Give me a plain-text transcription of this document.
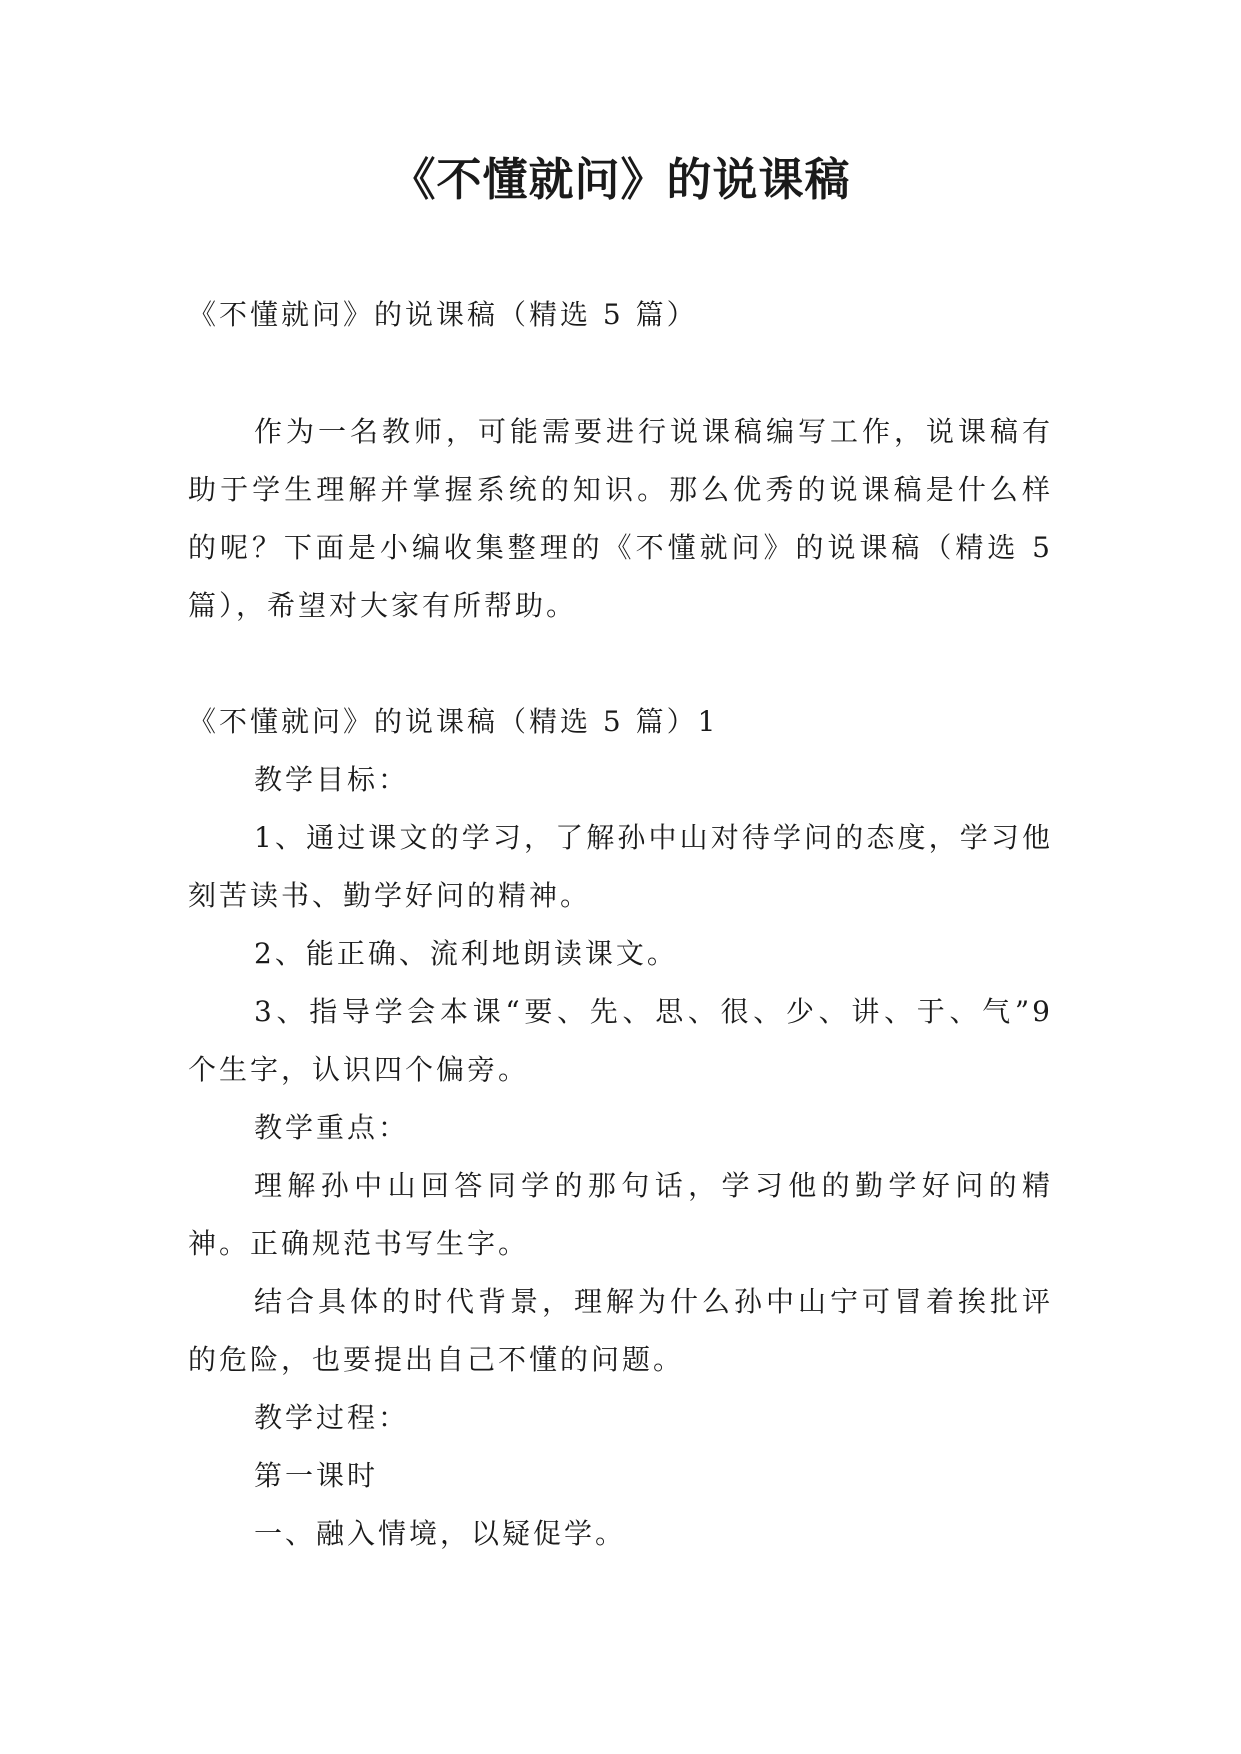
《不懂就问》的说课稿

《不懂就问》的说课稿（精选 5 篇）

作为一名教师，可能需要进行说课稿编写工作，说课稿有助于学生理解并掌握系统的知识。那么优秀的说课稿是什么样的呢？下面是小编收集整理的《不懂就问》的说课稿（精选 5 篇），希望对大家有所帮助。

《不懂就问》的说课稿（精选 5 篇）1

教学目标：

1、通过课文的学习，了解孙中山对待学问的态度，学习他刻苦读书、勤学好问的精神。

2、能正确、流利地朗读课文。

3、指导学会本课“要、先、思、很、少、讲、于、气”9 个生字，认识四个偏旁。

教学重点：

理解孙中山回答同学的那句话，学习他的勤学好问的精神。正确规范书写生字。

结合具体的时代背景，理解为什么孙中山宁可冒着挨批评的危险，也要提出自己不懂的问题。

教学过程：

第一课时

一、融入情境，以疑促学。
